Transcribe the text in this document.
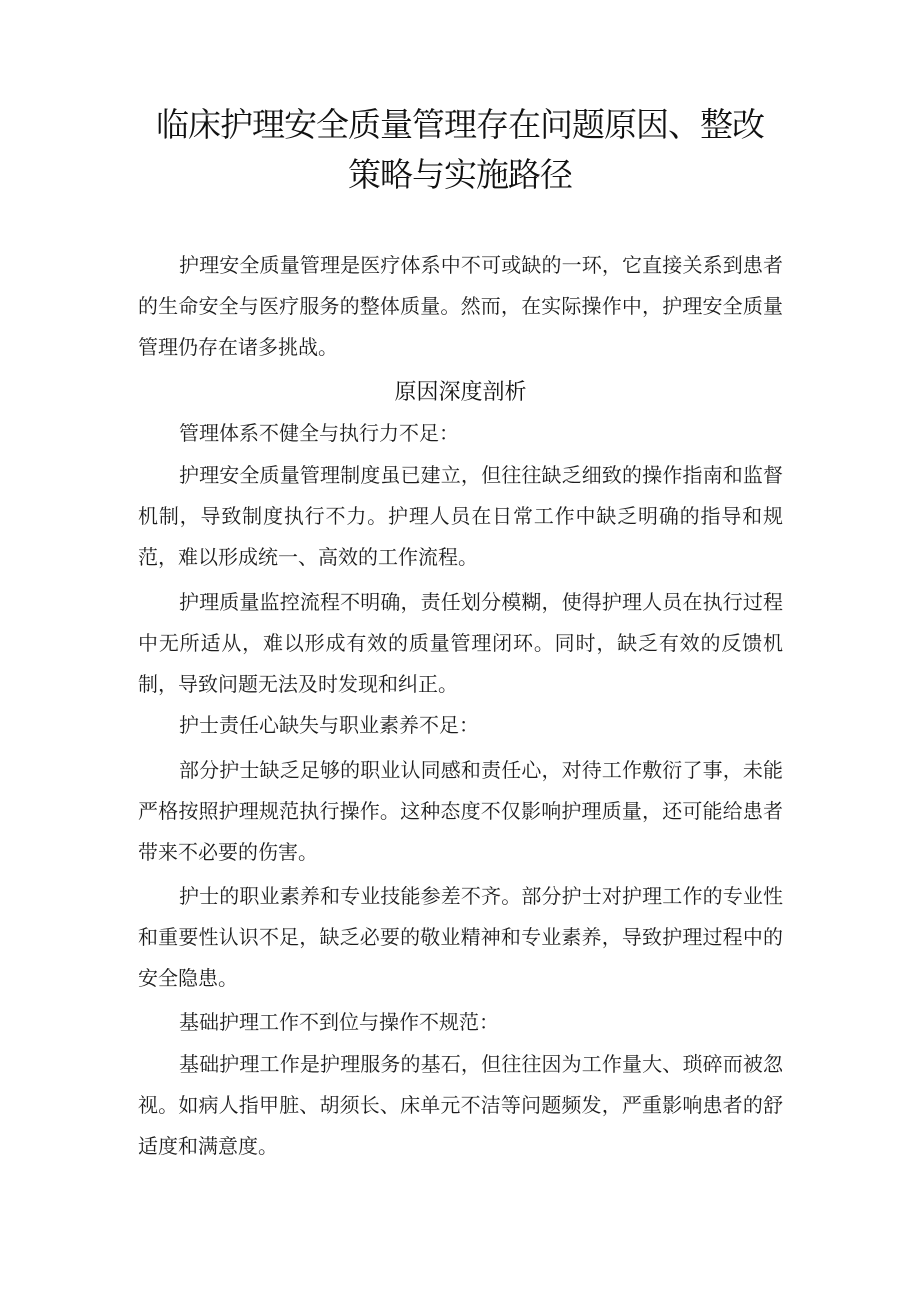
临床护理安全质量管理存在问题原因、整改
策略与实施路径

护理安全质量管理是医疗体系中不可或缺的一环，它直接关系到患者的生命安全与医疗服务的整体质量。然而，在实际操作中，护理安全质量管理仍存在诸多挑战。

原因深度剖析

管理体系不健全与执行力不足：

护理安全质量管理制度虽已建立，但往往缺乏细致的操作指南和监督机制，导致制度执行不力。护理人员在日常工作中缺乏明确的指导和规范，难以形成统一、高效的工作流程。

护理质量监控流程不明确，责任划分模糊，使得护理人员在执行过程中无所适从，难以形成有效的质量管理闭环。同时，缺乏有效的反馈机制，导致问题无法及时发现和纠正。

护士责任心缺失与职业素养不足：

部分护士缺乏足够的职业认同感和责任心，对待工作敷衍了事，未能严格按照护理规范执行操作。这种态度不仅影响护理质量，还可能给患者带来不必要的伤害。

护士的职业素养和专业技能参差不齐。部分护士对护理工作的专业性和重要性认识不足，缺乏必要的敬业精神和专业素养，导致护理过程中的安全隐患。

基础护理工作不到位与操作不规范：

基础护理工作是护理服务的基石，但往往因为工作量大、琐碎而被忽视。如病人指甲脏、胡须长、床单元不洁等问题频发，严重影响患者的舒适度和满意度。
